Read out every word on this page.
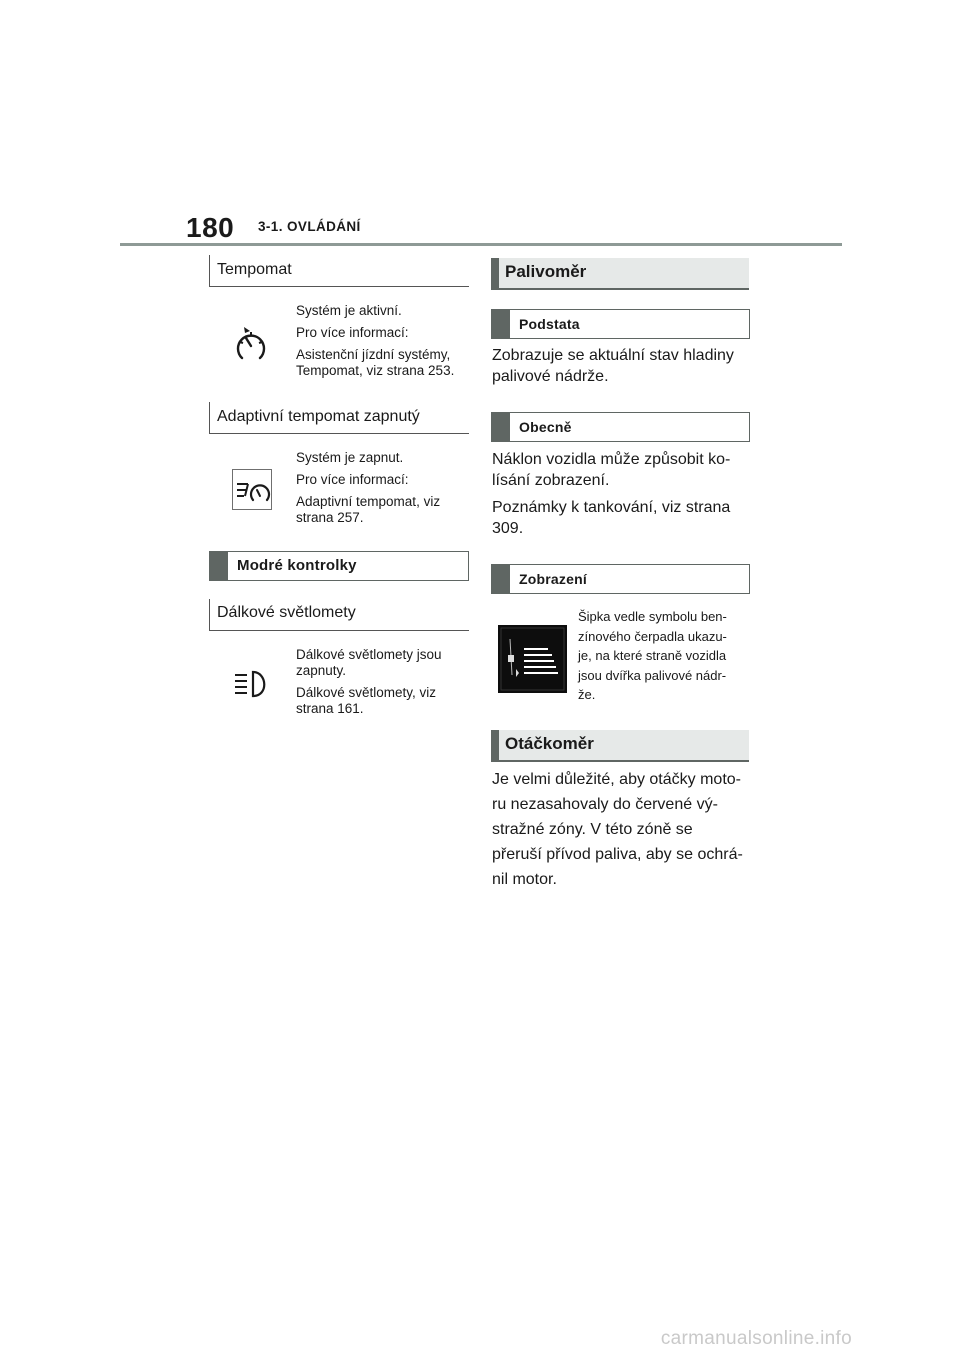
180 3-1. OVLÁDÁNÍ
Tempomat

Systém je aktivní.

Pro více informací:

Asistenční jízdní systémy,

Tempomat, viz strana 253.

Adaptivní tempomat zapnutý

Systém je zapnut.

Pro více informací:

Adaptivní tempomat, viz

strana 257.

Modré kontrolky
Dálkové světlomety

Dálkové světlomety jsou

zapnuty.

Dálkové světlomety, viz

strana 161.

Palivoměr
Podstata

Zobrazuje se aktuální stav hladiny

palivové nádrže.

Obecně

Náklon vozidla může způsobit ko-

lísání zobrazení.

Poznámky k tankování, viz strana

309.

Zobrazení
Šipka vedle symbolu ben-
zínového čerpadla ukazu-
je, na které straně vozidla
jsou dvířka palivové nádr-
že.
Otáčkoměr

Je velmi důležité, aby otáčky moto-

ru nezasahovaly do červené vý-

stražné zóny. V této zóně se

přeruší přívod paliva, aby se ochrá-

nil motor.

carmanualsonline.info
